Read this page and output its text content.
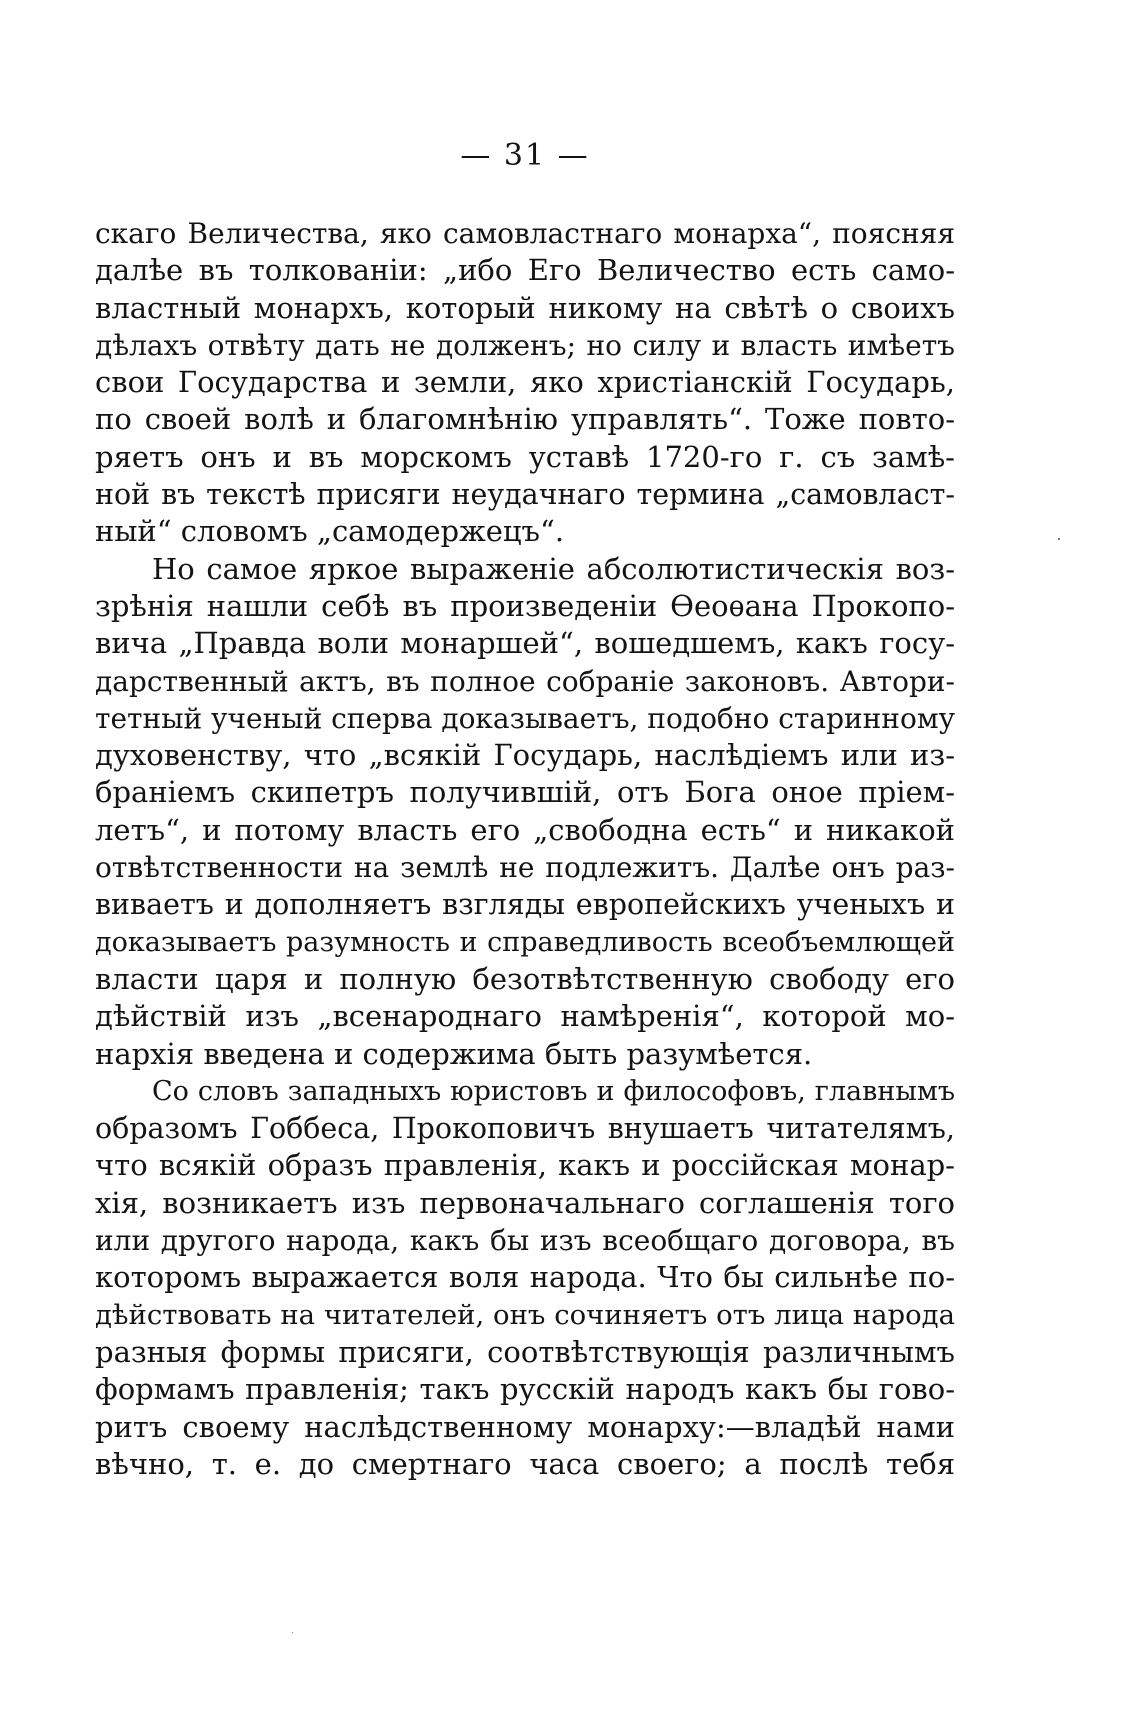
— 31 —
скаго Величества, яко самовластнаго монарха“, поясняя
далѣе въ толкованіи: „ибо Его Величество есть само-
властный монархъ, который никому на свѣтѣ о своихъ
дѣлахъ отвѣту дать не долженъ; но силу и власть имѣетъ
свои Государства и земли, яко христіанскій Государь,
по своей волѣ и благомнѣнію управлять“. Тоже повто-
ряетъ онъ и въ морскомъ уставѣ 1720-го г. съ замѣ-
ной въ текстѣ присяги неудачнаго термина „самовласт-
ный“ словомъ „самодержецъ“.
Но самое яркое выраженіе абсолютистическія воз-
зрѣнія нашли себѣ въ произведеніи Ѳеоѳана Прокопо-
вича „Правда воли монаршей“, вошедшемъ, какъ госу-
дарственный актъ, въ полное собраніе законовъ. Автори-
тетный ученый сперва доказываетъ, подобно старинному
духовенству, что „всякій Государь, наслѣдіемъ или из-
браніемъ скипетръ получившій, отъ Бога оное пріем-
летъ“, и потому власть его „свободна есть“ и никакой
отвѣтственности на землѣ не подлежитъ. Далѣе онъ раз-
виваетъ и дополняетъ взгляды европейскихъ ученыхъ и
доказываетъ разумность и справедливость всеобъемлющей
власти царя и полную безотвѣтственную свободу его
дѣйствій изъ „всенароднаго намѣренія“, которой мо-
нархія введена и содержима быть разумѣется.
Со словъ западныхъ юристовъ и философовъ, главнымъ
образомъ Гоббеса, Прокоповичъ внушаетъ читателямъ,
что всякій образъ правленія, какъ и россійская монар-
хія, возникаетъ изъ первоначальнаго соглашенія того
или другого народа, какъ бы изъ всеобщаго договора, въ
которомъ выражается воля народа. Что бы сильнѣе по-
дѣйствовать на читателей, онъ сочиняетъ отъ лица народа
разныя формы присяги, соотвѣтствующія различнымъ
формамъ правленія; такъ русскій народъ какъ бы гово-
ритъ своему наслѣдственному монарху:—владѣй нами
вѣчно, т. е. до смертнаго часа своего; а послѣ тебя
